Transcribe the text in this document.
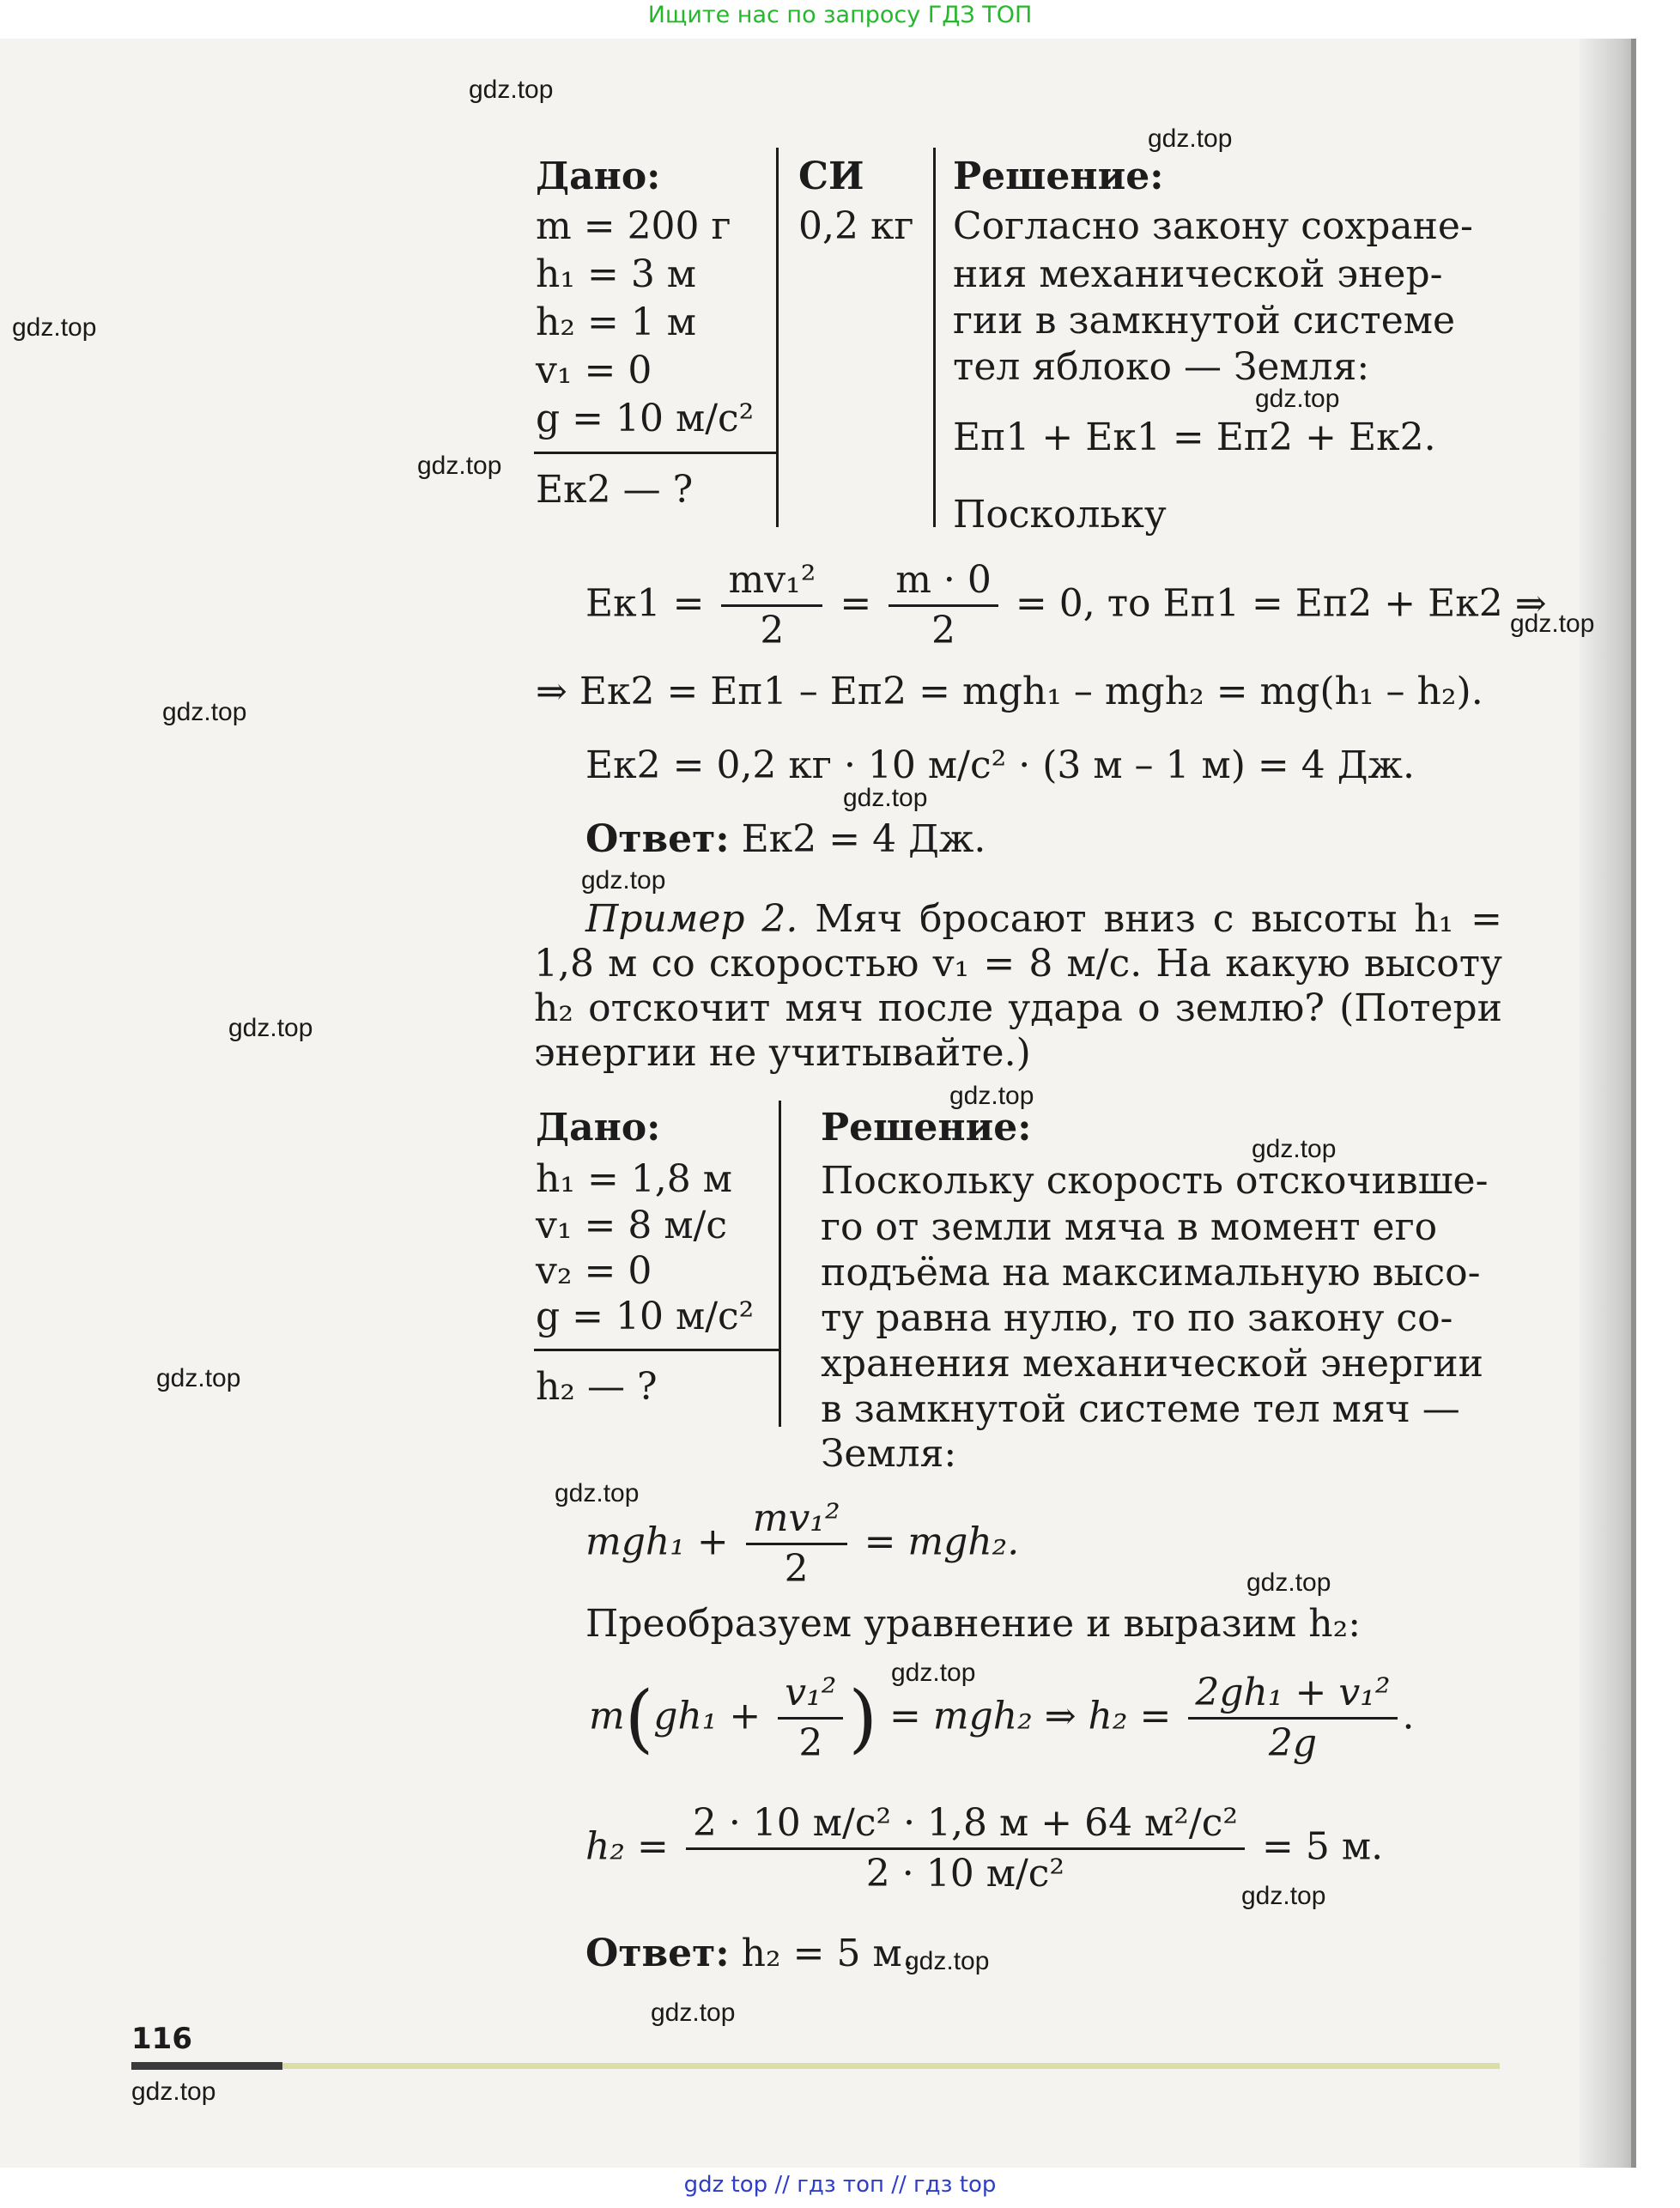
Ищите нас по запросу ГДЗ ТОП
Дано:	СИ Решение:
m = 200 г
h₁ = 3 м
h₂ = 1 м
v₁ = 0
g = 10 м/с²
0,2 кг
Eк2 — ?
Согласно закону сохране-
ния механической энер-
гии в замкнутой системе
тел яблоко — Земля:
Eп1 + Eк1 = Eп2 + Eк2.
Поскольку
$Eк1 = \frac{\text{mv₁²}}{2} = \frac{m \cdot 0}{2} = 0$, то Eп1 = Eп2 + Eк2 ⇒
⇒ Eк2 = Eп1 – Eп2 = mgh₁ – mgh₂ = mg(h₁ – h₂).
Eк2 = 0,2 кг · 10 м/с² · (3 м – 1 м) = 4 Дж.
Ответ: Eк2 = 4 Дж.
Пример 2. Мяч бросают вниз с высоты h₁ = 1,8 м со скоростью v₁ = 8 м/с. На какую высоту h₂ отскочит мяч после удара о землю? (Потери энергии не учитывайте.)
Дано:	Решение:
h₁ = 1,8 м
v₁ = 8 м/с
v₂ = 0
g = 10 м/с²
h₂ — ?
Поскольку скорость отскочивше-
го от земли мяча в момент его
подъёма на максимальную высо-
ту равна нулю, то по закону со-
хранения механической энергии
в замкнутой системе тел мяч —
Земля:
$mgh_1 + \frac{\text{mv₁²}}{2} = mgh_2$.
Преобразуем уравнение и выразим h₂:
$m(gh_1 + \frac{\text{v₁²}}{2}$ ) = mgh₂ ⇒ $h_2 = \frac{\text{2gh₁ + v₁²}}{2g}$ .
$h_2 = \frac{\text{2 · 10 м/с² · 1,8 м + 64 м²/с²}}{\text{2 · 10 м/с²}} = 5$ м.
Ответ: h₂ = 5 м.
116
gdz.top
gdz.top
gdz.top
gdz.top
gdz.top
gdz.top
gdz.top
gdz.top
gdz.top
gdz.top
gdz.top
gdz.top
gdz.top
gdz.top
gdz.top
gdz.top
gdz.top
gdz.top
gdz.top
gdz.top
gdz top // гдз топ // гдз top
